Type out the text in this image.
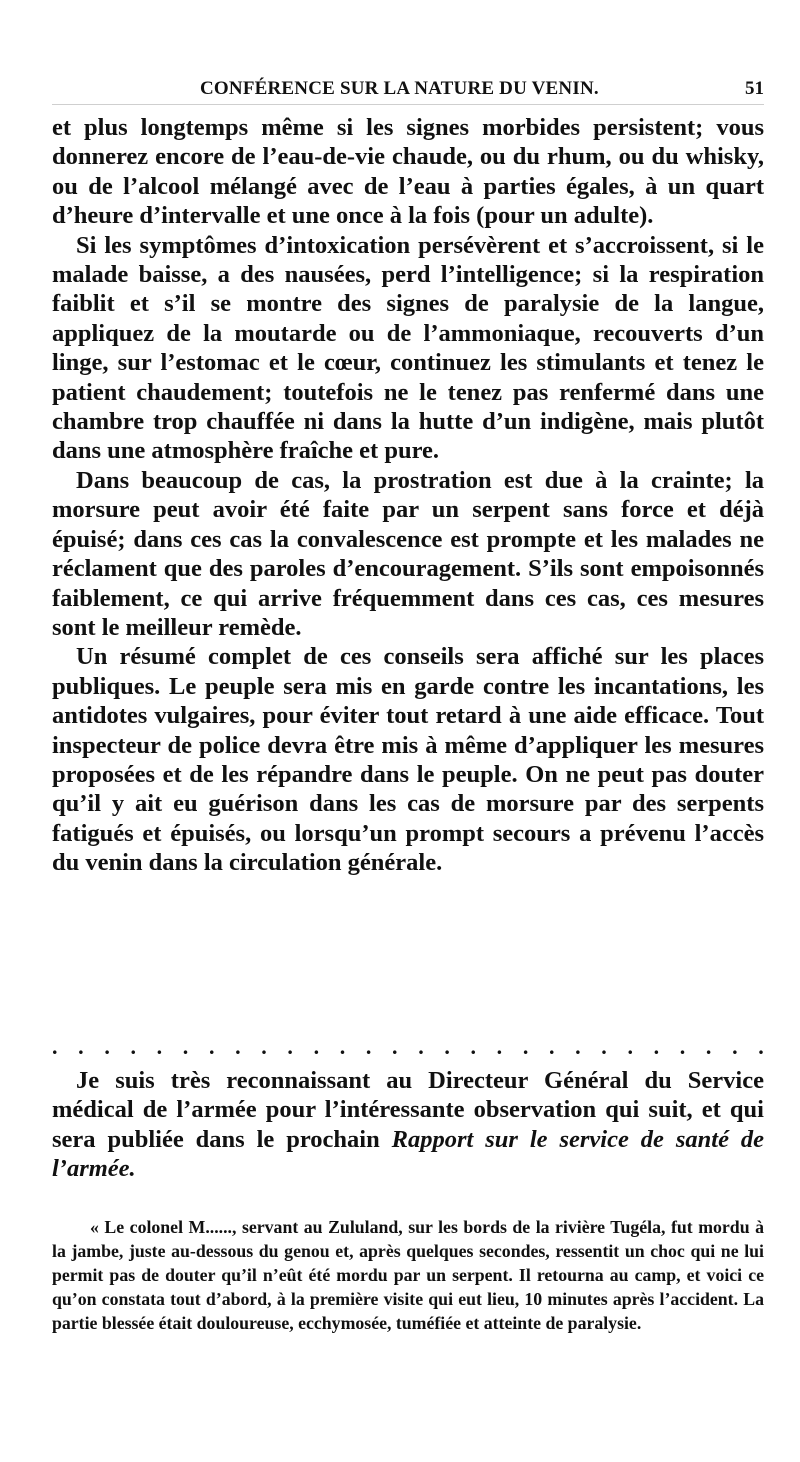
CONFÉRENCE SUR LA NATURE DU VENIN.	51

et plus longtemps même si les signes morbides persistent; vous donnerez encore de l’eau-de-vie chaude, ou du rhum, ou du whisky, ou de l’alcool mélangé avec de l’eau à parties égales, à un quart d’heure d’intervalle et une once à la fois (pour un adulte).

Si les symptômes d’intoxication persévèrent et s’accroissent, si le malade baisse, a des nausées, perd l’intelligence; si la respiration faiblit et s’il se montre des signes de paralysie de la langue, appliquez de la moutarde ou de l’ammoniaque, recouverts d’un linge, sur l’estomac et le cœur, continuez les stimulants et tenez le patient chaudement; toutefois ne le tenez pas renfermé dans une chambre trop chauffée ni dans la hutte d’un indigène, mais plutôt dans une atmosphère fraîche et pure.

Dans beaucoup de cas, la prostration est due à la crainte; la morsure peut avoir été faite par un serpent sans force et déjà épuisé; dans ces cas la convalescence est prompte et les malades ne réclament que des paroles d’encouragement. S’ils sont empoisonnés faiblement, ce qui arrive fréquemment dans ces cas, ces mesures sont le meilleur remède.

Un résumé complet de ces conseils sera affiché sur les places publiques. Le peuple sera mis en garde contre les incantations, les antidotes vulgaires, pour éviter tout retard à une aide efficace. Tout inspecteur de police devra être mis à même d’appliquer les mesures proposées et de les répandre dans le peuple. On ne peut pas douter qu’il y ait eu guérison dans les cas de morsure par des serpents fatigués et épuisés, ou lorsqu’un prompt secours a prévenu l’accès du venin dans la circulation générale.

. . . . . . . . . . . . . . . . . . . . . . . . . . . .

Je suis très reconnaissant au Directeur Général du Service médical de l’armée pour l’intéressante observation qui suit, et qui sera publiée dans le prochain Rapport sur le service de santé de l’armée.

« Le colonel M......, servant au Zululand, sur les bords de la rivière Tugéla, fut mordu à la jambe, juste au-dessous du genou et, après quelques secondes, ressentit un choc qui ne lui permit pas de douter qu’il n’eût été mordu par un serpent. Il retourna au camp, et voici ce qu’on constata tout d’abord, à la première visite qui eut lieu, 10 minutes après l’accident. La partie blessée était douloureuse, ecchymosée, tuméfiée et atteinte de paralysie.
